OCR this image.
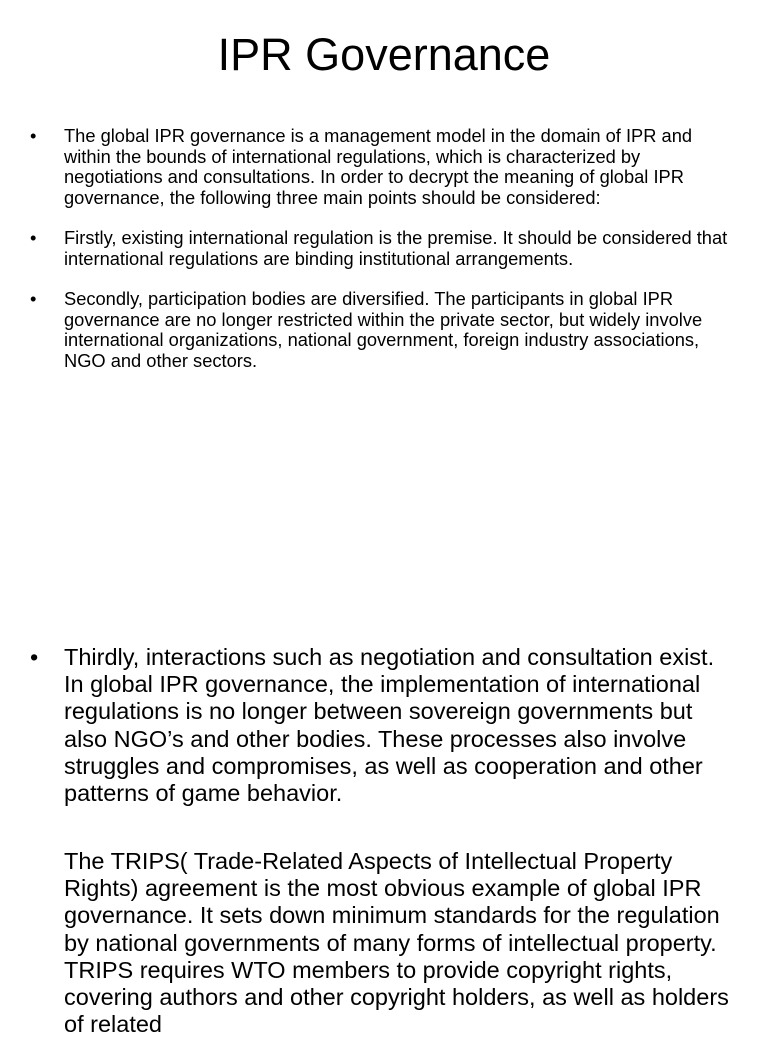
IPR Governance
• The global IPR governance is a management model in the domain of IPR and within the bounds of international regulations, which is characterized by negotiations and consultations. In order to decrypt the meaning of global IPR governance, the following three main points should be considered:
• Firstly, existing international regulation is the premise. It should be considered that international regulations are binding institutional arrangements.
• Secondly, participation bodies are diversified. The participants in global IPR governance are no longer restricted within the private sector, but widely involve international organizations, national government, foreign industry associations, NGO and other sectors.
• Thirdly, interactions such as negotiation and consultation exist. In global IPR governance, the implementation of international regulations is no longer between sovereign governments but also NGO’s and other bodies. These processes also involve struggles and compromises, as well as cooperation and other patterns of game behavior.

The TRIPS( Trade-Related Aspects of Intellectual Property Rights) agreement is the most obvious example of global IPR governance. It sets down minimum standards for the regulation by national governments of many forms of intellectual property. TRIPS requires WTO members to provide copyright rights, covering authors and other copyright holders, as well as holders of related
